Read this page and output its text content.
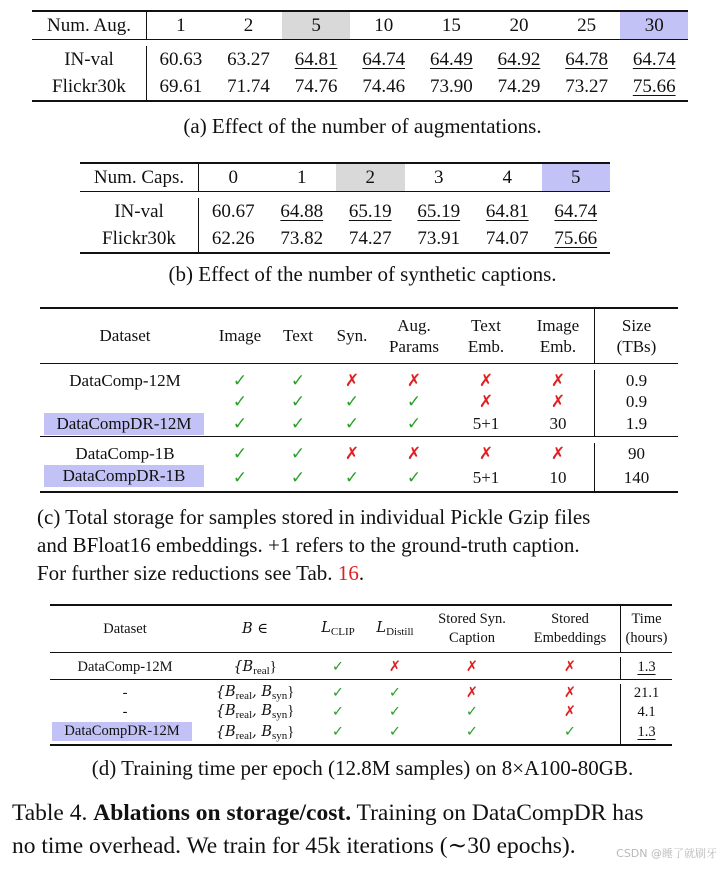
Num. Aug.		1	2	5	10	15	20	25	30

IN-val		60.63	63.27	64.81	64.74	64.49	64.92	64.78	64.74
Flickr30k		69.61	71.74	74.76	74.46	73.90	74.29	73.27	75.66
(a) Effect of the number of augmentations.
Num. Caps.		0	1	2	3	4	5

IN-val		60.67	64.88	65.19	65.19	64.81	64.74
Flickr30k		62.26	73.82	74.27	73.91	74.07	75.66
(b) Effect of the number of synthetic captions.
Dataset	Image	Text	Syn.	Aug.	Text	Image		Size
				Params	Emb.	Emb.	(TBs)

DataComp-12M	✓	✓	✗	✗	✗	✗		0.9
	✓	✓	✓	✓	✗	✗		0.9

DataCompDR-12M	✓	✓	✓	✓	5+1	30		1.9

DataComp-1B	✓	✓	✗	✗	✗	✗		90

DataCompDR-1B	✓	✓	✓	✓	5+1	10		140
(c) Total storage for samples stored in individual Pickle Gzip files
and BFloat16 embeddings. +1 refers to the ground-truth caption.
For further size reductions see Tab. 16.
Dataset	B ∈	$L_{CLIP}$	$L_{Distill}$	Stored Syn.	Stored		Time
				Caption	Embeddings	(hours)

DataComp-12M	$\{B_{real}\}$	✓	✗	✗	✗		1.3

-	{$B_{real}$, $B_{syn}$}	✓	✓	✗	✗		21.1
-	{$B_{real}$, $B_{syn}$}	✓	✓	✓	✗		4.1

DataCompDR-12M	{$B_{real}$, $B_{syn}$}	✓	✓	✓	✓		1.3
(d) Training time per epoch (12.8M samples) on 8×A100-80GB.
Table 4. Ablations on storage/cost. Training on DataCompDR has
no time overhead. We train for 45k iterations (∼30 epochs).	CSDN @睡了就刷牙
